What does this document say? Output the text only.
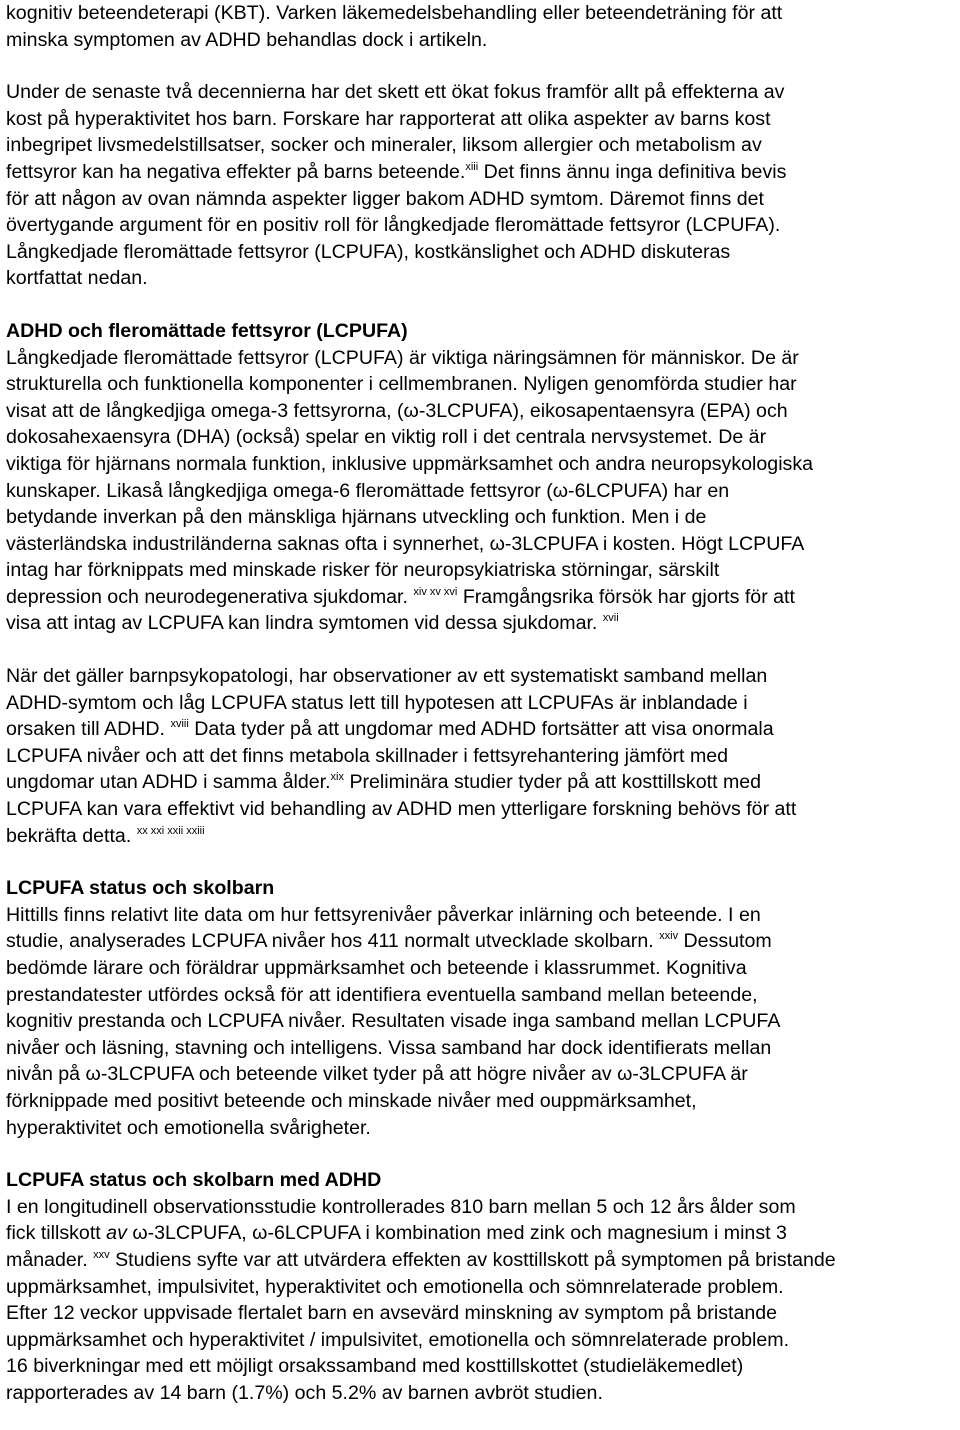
kognitiv beteendeterapi (KBT). Varken läkemedelsbehandling eller beteendeträning för att
minska symptomen av ADHD behandlas dock i artikeln.

Under de senaste två decennierna har det skett ett ökat fokus framför allt på effekterna av
kost på hyperaktivitet hos barn. Forskare har rapporterat att olika aspekter av barns kost
inbegripet livsmedelstillsatser, socker och mineraler, liksom allergier och metabolism av
fettsyror kan ha negativa effekter på barns beteende.$^{xiii}$ Det finns ännu inga definitiva bevis
för att någon av ovan nämnda aspekter ligger bakom ADHD symtom. Däremot finns det
övertygande argument för en positiv roll för långkedjade fleromättade fettsyror (LCPUFA).
Långkedjade fleromättade fettsyror (LCPUFA), kostkänslighet och ADHD diskuteras
kortfattat nedan.

ADHD och fleromättade fettsyror (LCPUFA)

Långkedjade fleromättade fettsyror (LCPUFA) är viktiga näringsämnen för människor. De är
strukturella och funktionella komponenter i cellmembranen. Nyligen genomförda studier har
visat att de långkedjiga omega-3 fettsyrorna, (ω-3LCPUFA), eikosapentaensyra (EPA) och
dokosahexaensyra (DHA) (också) spelar en viktig roll i det centrala nervsystemet. De är
viktiga för hjärnans normala funktion, inklusive uppmärksamhet och andra neuropsykologiska
kunskaper. Likaså långkedjiga omega-6 fleromättade fettsyror (ω-6LCPUFA) har en
betydande inverkan på den mänskliga hjärnans utveckling och funktion. Men i de
västerländska industriländerna saknas ofta i synnerhet, ω-3LCPUFA i kosten. Högt LCPUFA
intag har förknippats med minskade risker för neuropsykiatriska störningar, särskilt
depression och neurodegenerativa sjukdomar. $^{xiv xv xvi}$ Framgångsrika försök har gjorts för att
visa att intag av LCPUFA kan lindra symtomen vid dessa sjukdomar. $^{xvii}$

När det gäller barnpsykopatologi, har observationer av ett systematiskt samband mellan
ADHD-symtom och låg LCPUFA status lett till hypotesen att LCPUFAs är inblandade i
orsaken till ADHD. $^{xviii}$ Data tyder på att ungdomar med ADHD fortsätter att visa onormala
LCPUFA nivåer och att det finns metabola skillnader i fettsyrehantering jämfört med
ungdomar utan ADHD i samma ålder.$^{xix}$ Preliminära studier tyder på att kosttillskott med
LCPUFA kan vara effektivt vid behandling av ADHD men ytterligare forskning behövs för att
bekräfta detta. $^{xx xxi xxii xxiii}$

LCPUFA status och skolbarn

Hittills finns relativt lite data om hur fettsyrenivåer påverkar inlärning och beteende. I en
studie, analyserades LCPUFA nivåer hos 411 normalt utvecklade skolbarn. $^{xxiv}$ Dessutom
bedömde lärare och föräldrar uppmärksamhet och beteende i klassrummet. Kognitiva
prestandatester utfördes också för att identifiera eventuella samband mellan beteende,
kognitiv prestanda och LCPUFA nivåer. Resultaten visade inga samband mellan LCPUFA
nivåer och läsning, stavning och intelligens. Vissa samband har dock identifierats mellan
nivån på ω-3LCPUFA och beteende vilket tyder på att högre nivåer av ω-3LCPUFA är
förknippade med positivt beteende och minskade nivåer med ouppmärksamhet,
hyperaktivitet och emotionella svårigheter.

LCPUFA status och skolbarn med ADHD

I en longitudinell observationsstudie kontrollerades 810 barn mellan 5 och 12 års ålder som
fick tillskott av ω-3LCPUFA, ω-6LCPUFA i kombination med zink och magnesium i minst 3
månader. $^{xxv}$ Studiens syfte var att utvärdera effekten av kosttillskott på symptomen på bristande
uppmärksamhet, impulsivitet, hyperaktivitet och emotionella och sömnrelaterade problem.
Efter 12 veckor uppvisade flertalet barn en avsevärd minskning av symptom på bristande
uppmärksamhet och hyperaktivitet / impulsivitet, emotionella och sömnrelaterade problem.
16 biverkningar med ett möjligt orsakssamband med kosttillskottet (studieläkemedlet)
rapporterades av 14 barn (1.7%) och 5.2% av barnen avbröt studien.
